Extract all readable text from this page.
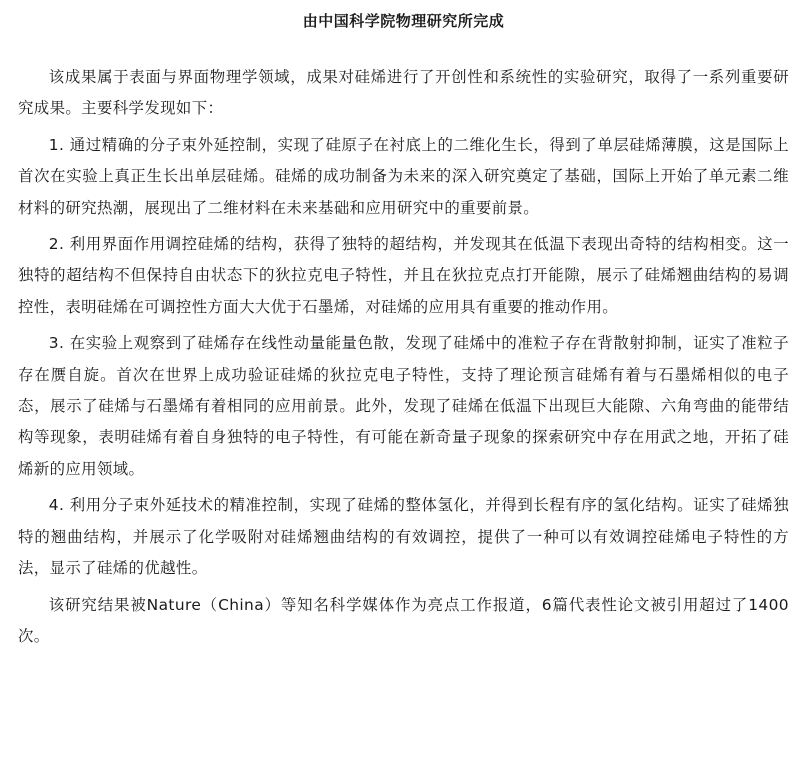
由中国科学院物理研究所完成

该成果属于表面与界面物理学领域，成果对硅烯进行了开创性和系统性的实验研究，取得了一系列重要研究成果。主要科学发现如下：

1. 通过精确的分子束外延控制，实现了硅原子在衬底上的二维化生长，得到了单层硅烯薄膜，这是国际上首次在实验上真正生长出单层硅烯。硅烯的成功制备为未来的深入研究奠定了基础，国际上开始了单元素二维材料的研究热潮，展现出了二维材料在未来基础和应用研究中的重要前景。

2. 利用界面作用调控硅烯的结构，获得了独特的超结构，并发现其在低温下表现出奇特的结构相变。这一独特的超结构不但保持自由状态下的狄拉克电子特性，并且在狄拉克点打开能隙，展示了硅烯翘曲结构的易调控性，表明硅烯在可调控性方面大大优于石墨烯，对硅烯的应用具有重要的推动作用。

3. 在实验上观察到了硅烯存在线性动量能量色散，发现了硅烯中的准粒子存在背散射抑制，证实了准粒子存在赝自旋。首次在世界上成功验证硅烯的狄拉克电子特性，支持了理论预言硅烯有着与石墨烯相似的电子态，展示了硅烯与石墨烯有着相同的应用前景。此外，发现了硅烯在低温下出现巨大能隙、六角弯曲的能带结构等现象，表明硅烯有着自身独特的电子特性，有可能在新奇量子现象的探索研究中存在用武之地，开拓了硅烯新的应用领域。

4. 利用分子束外延技术的精准控制，实现了硅烯的整体氢化，并得到长程有序的氢化结构。证实了硅烯独特的翘曲结构，并展示了化学吸附对硅烯翘曲结构的有效调控，提供了一种可以有效调控硅烯电子特性的方法，显示了硅烯的优越性。

该研究结果被Nature（China）等知名科学媒体作为亮点工作报道，6篇代表性论文被引用超过了1400次。
